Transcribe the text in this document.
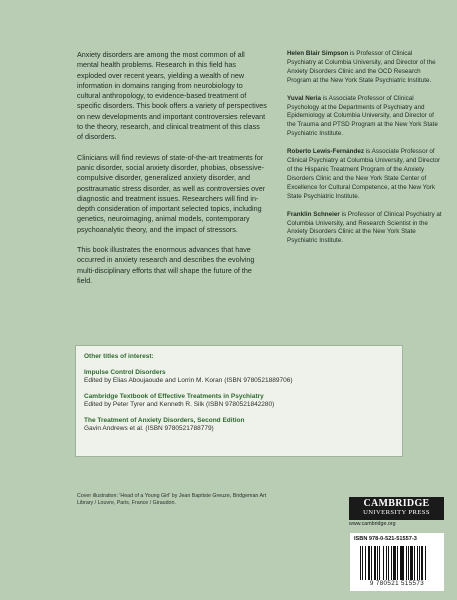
Anxiety disorders are among the most common of all mental health problems. Research in this field has exploded over recent years, yielding a wealth of new information in domains ranging from neurobiology to cultural anthropology, to evidence-based treatment of specific disorders. This book offers a variety of perspectives on new developments and important controversies relevant to the theory, research, and clinical treatment of this class of disorders.

Clinicians will find reviews of state-of-the-art treatments for panic disorder, social anxiety disorder, phobias, obsessive-compulsive disorder, generalized anxiety disorder, and posttraumatic stress disorder, as well as controversies over diagnostic and treatment issues. Researchers will find in-depth consideration of important selected topics, including genetics, neuroimaging, animal models, contemporary psychoanalytic theory, and the impact of stressors.

This book illustrates the enormous advances that have occurred in anxiety research and describes the evolving multi-disciplinary efforts that will shape the future of the field.

Helen Blair Simpson is Professor of Clinical Psychiatry at Columbia University, and Director of the Anxiety Disorders Clinic and the OCD Research Program at the New York State Psychiatric Institute.

Yuval Neria is Associate Professor of Clinical Psychology at the Departments of Psychiatry and Epidemiology at Columbia University, and Director of the Trauma and PTSD Program at the New York State Psychiatric Institute.

Roberto Lewis-Fernández is Associate Professor of Clinical Psychiatry at Columbia University, and Director of the Hispanic Treatment Program of the Anxiety Disorders Clinic and the New York State Center of Excellence for Cultural Competence, at the New York State Psychiatric Institute.

Franklin Schneier is Professor of Clinical Psychiatry at Columbia University, and Research Scientist in the Anxiety Disorders Clinic at the New York State Psychiatric Institute.

Other titles of interest:
Impulse Control Disorders
Edited by Elias Aboujaoude and Lorrin M. Koran (ISBN 9780521889706)
Cambridge Textbook of Effective Treatments in Psychiatry
Edited by Peter Tyrer and Kenneth R. Silk (ISBN 9780521842280)
The Treatment of Anxiety Disorders, Second Edition
Gavin Andrews et al. (ISBN 9780521788779)
Cover illustration: 'Head of a Young Girl' by Jean Baptiste Greuze, Bridgeman Art Library / Louvre, Paris, France / Giraudon.	CAMBRIDGE
UNIVERSITY PRESS
www.cambridge.org
ISBN 978-0-521-51557-3
9 780521 515573
